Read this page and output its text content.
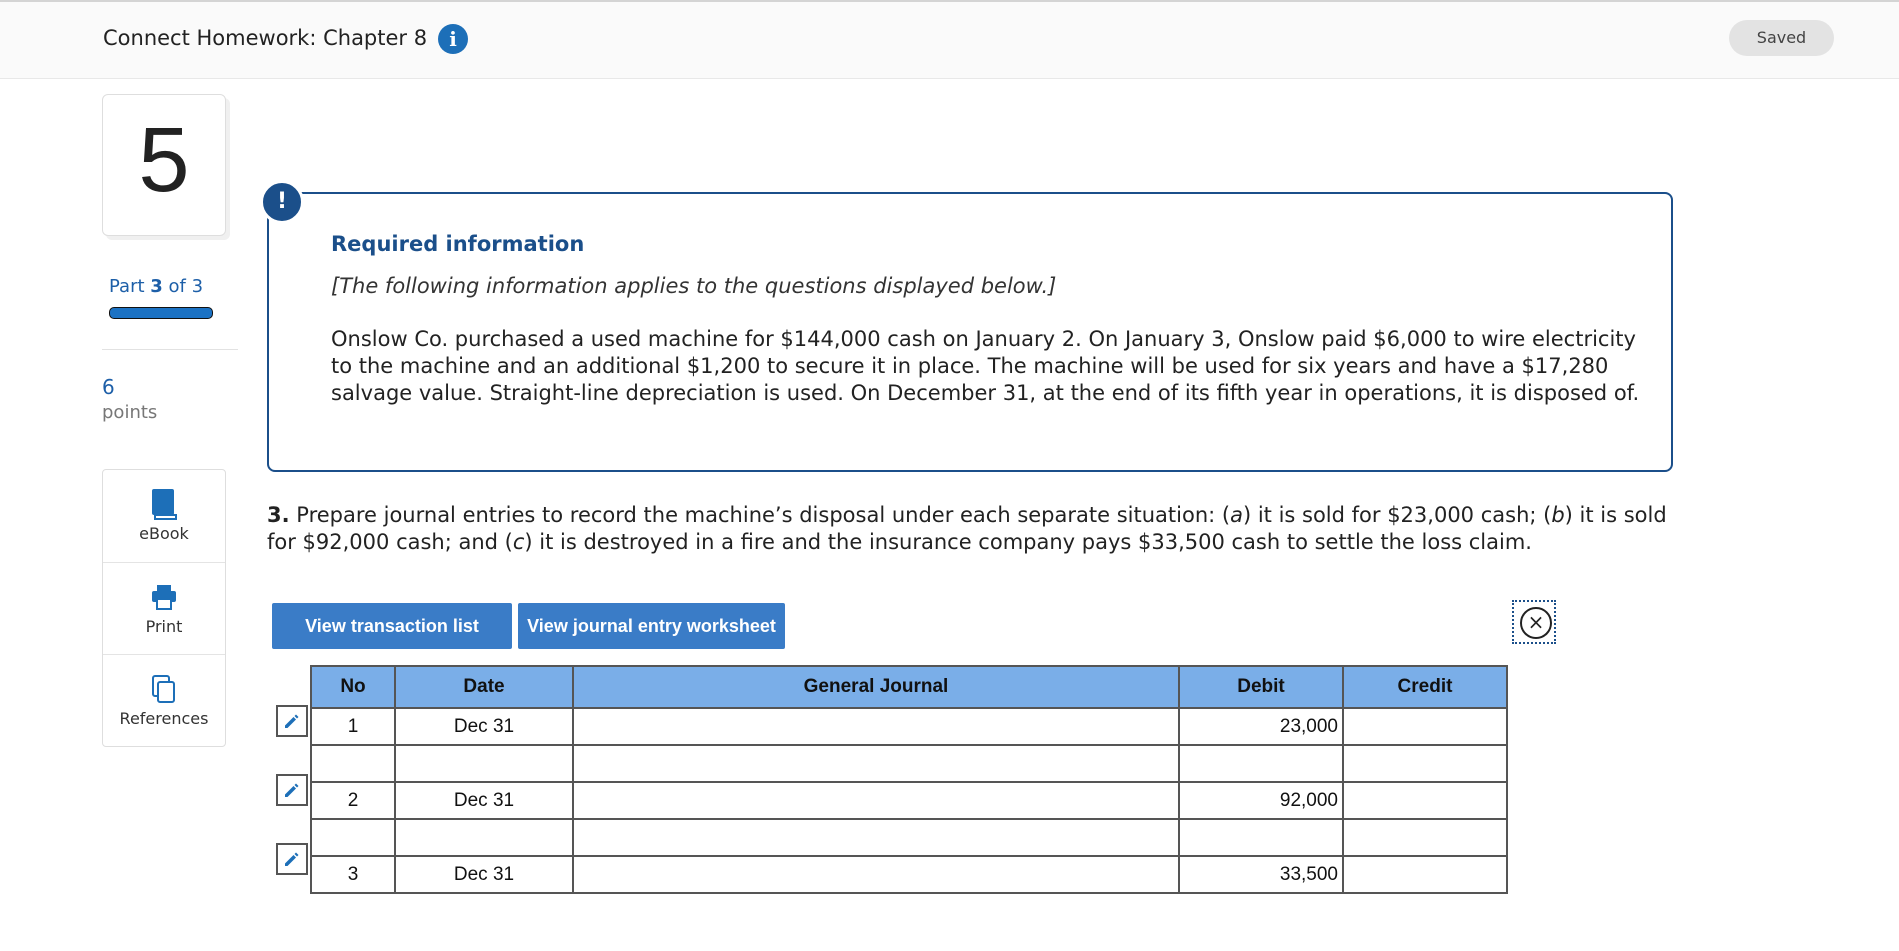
Connect Homework: Chapter 8	i	Saved
5
Part 3 of 3
6
points
eBook
Print
References
!
Required information
[The following information applies to the questions displayed below.]
Onslow Co. purchased a used machine for $144,000 cash on January 2. On January 3, Onslow paid $6,000 to wire electricity to the machine and an additional $1,200 to secure it in place. The machine will be used for six years and have a $17,280 salvage value. Straight-line depreciation is used. On December 31, at the end of its fifth year in operations, it is disposed of.
3. Prepare journal entries to record the machine’s disposal under each separate situation: (a) it is sold for $23,000 cash; (b) it is sold for $92,000 cash; and (c) it is destroyed in a fire and the insurance company pays $33,500 cash to settle the loss claim.
View transaction list	View journal entry worksheet	×
No	Date	General Journal	Debit	Credit
1	Dec 31		23,000	

2	Dec 31		92,000	

3	Dec 31		33,500	
